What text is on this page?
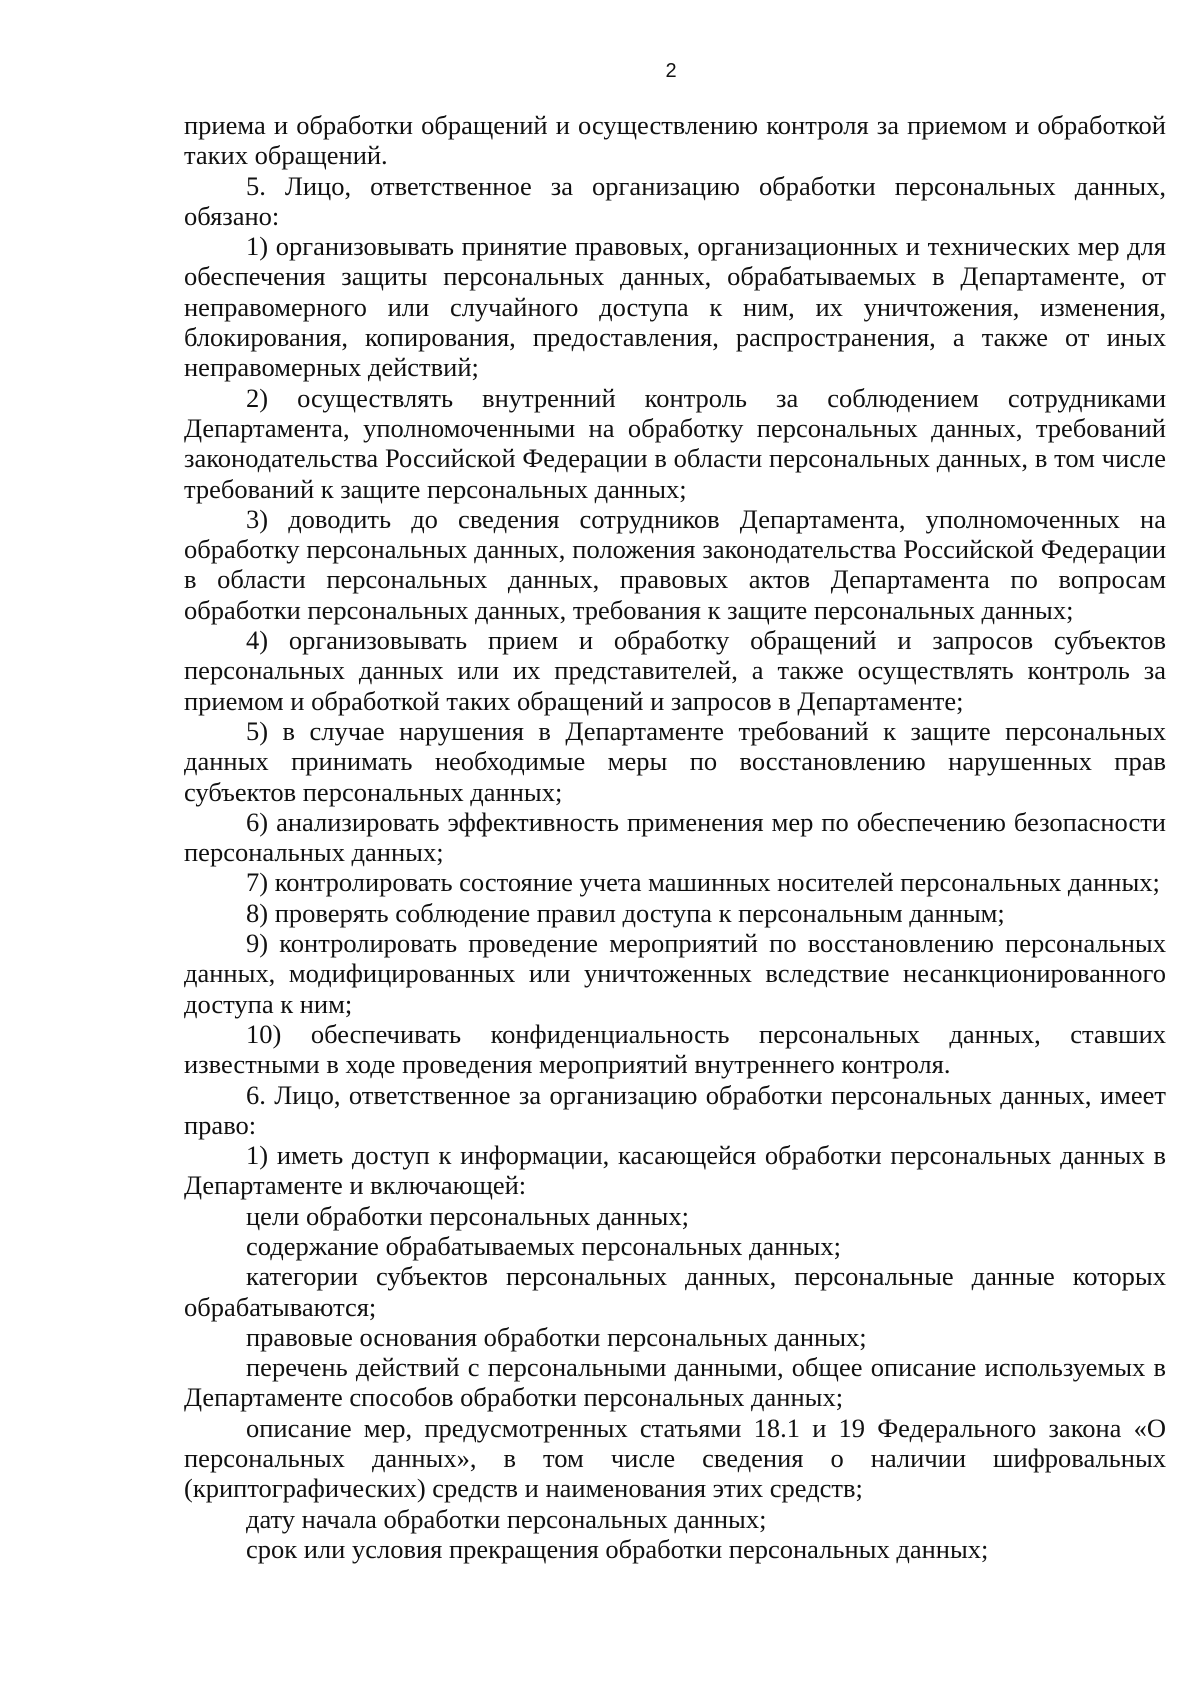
2

приема и обработки обращений и осуществлению контроля за приемом и обработкой таких обращений.

5. Лицо, ответственное за организацию обработки персональных данных, обязано:

1) организовывать принятие правовых, организационных и технических мер для обеспечения защиты персональных данных, обрабатываемых в Департаменте, от неправомерного или случайного доступа к ним, их уничтожения, изменения, блокирования, копирования, предоставления, распространения, а также от иных неправомерных действий;

2) осуществлять внутренний контроль за соблюдением сотрудниками Департамента, уполномоченными на обработку персональных данных, требований законодательства Российской Федерации в области персональных данных, в том числе требований к защите персональных данных;

3) доводить до сведения сотрудников Департамента, уполномоченных на обработку персональных данных, положения законодательства Российской Федерации в области персональных данных, правовых актов Департамента по вопросам обработки персональных данных, требования к защите персональных данных;

4) организовывать прием и обработку обращений и запросов субъектов персональных данных или их представителей, а также осуществлять контроль за приемом и обработкой таких обращений и запросов в Департаменте;

5) в случае нарушения в Департаменте требований к защите персональных данных принимать необходимые меры по восстановлению нарушенных прав субъектов персональных данных;

6) анализировать эффективность применения мер по обеспечению безопасности персональных данных;

7) контролировать состояние учета машинных носителей персональных данных;

8) проверять соблюдение правил доступа к персональным данным;

9) контролировать проведение мероприятий по восстановлению персональных данных, модифицированных или уничтоженных вследствие несанкционированного доступа к ним;

10) обеспечивать конфиденциальность персональных данных, ставших известными в ходе проведения мероприятий внутреннего контроля.

6. Лицо, ответственное за организацию обработки персональных данных, имеет право:

1) иметь доступ к информации, касающейся обработки персональных данных в Департаменте и включающей:

цели обработки персональных данных;

содержание обрабатываемых персональных данных;

категории субъектов персональных данных, персональные данные которых обрабатываются;

правовые основания обработки персональных данных;

перечень действий с персональными данными, общее описание используемых в Департаменте способов обработки персональных данных;

описание мер, предусмотренных статьями 18.1 и 19 Федерального закона «О персональных данных», в том числе сведения о наличии шифровальных (криптографических) средств и наименования этих средств;

дату начала обработки персональных данных;

срок или условия прекращения обработки персональных данных;
